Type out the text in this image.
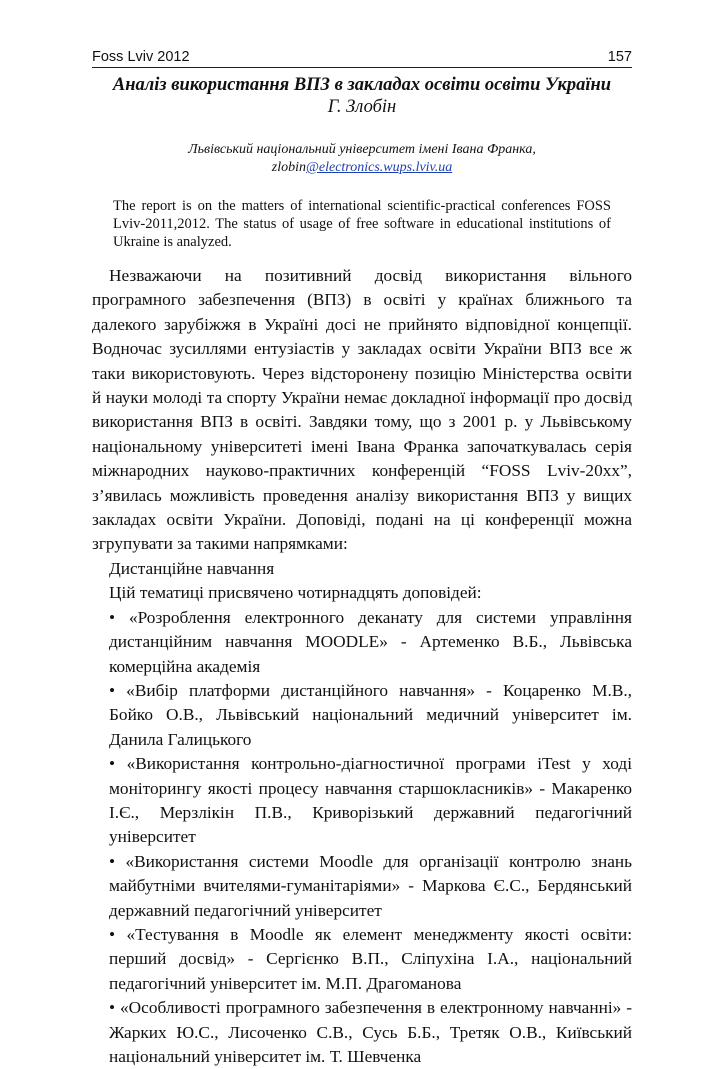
Foss Lviv 2012	157
Аналіз використання ВПЗ в закладах освіти освіти України
Г. Злобін
Львівський національний університет імені Івана Франка,
zlobin@electronics.wups.lviv.ua
The report is on the matters of international scientific-practical conferences FOSS Lviv-2011,2012. The status of usage of free software in educational institutions of Ukraine is analyzed.

Незважаючи на позитивний досвід використання вільного програмного забезпечення (ВПЗ) в освіті у країнах ближнього та далекого зарубіжжя в Україні досі не прийнято відповідної концепції. Водночас зусиллями ентузіастів у закладах освіти України ВПЗ все ж таки використовують. Через відсторонену позицію Міністерства освіти й науки молоді та спорту України немає докладної інформації про досвід використання ВПЗ в освіті. Завдяки тому, що з 2001 р. у Львівському національному університеті імені Івана Франка започаткувалась серія міжнародних науково-практичних конференцій “FOSS Lviv-20xx”, з’явилась можливість проведення аналізу використання ВПЗ у вищих закладах освіти України. Доповіді, подані на ці конференції можна згрупувати за такими напрямками:

Дистанційне навчання

Цій тематиці присвячено чотирнадцять доповідей:

• «Розроблення електронного деканату для системи управління дистанційним навчання MOODLE» - Артеменко В.Б., Львівська комерційна академія

• «Вибір платформи дистанційного навчання» - Коцаренко М.В., Бойко О.В., Львівський національний медичний університет ім. Данила Галицького

• «Використання контрольно-діагностичної програми iTest у ході моніторингу якості процесу навчання старшокласників» - Макаренко І.Є., Мерзлікін П.В., Криворізький державний педагогічний університет

• «Використання системи Moodle для організації контролю знань майбутніми вчителями-гуманітаріями» - Маркова Є.С., Бердянський державний педагогічний університет

• «Тестування в Moodle як елемент менеджменту якості освіти: перший досвід» - Сергієнко В.П., Сліпухіна І.А., національний педагогічний університет ім. М.П. Драгоманова

• «Особливості програмного забезпечення в електронному навчанні» - Жарких Ю.С., Лисоченко С.В., Сусь Б.Б., Третяк О.В., Київський національний університет ім. Т. Шевченка
